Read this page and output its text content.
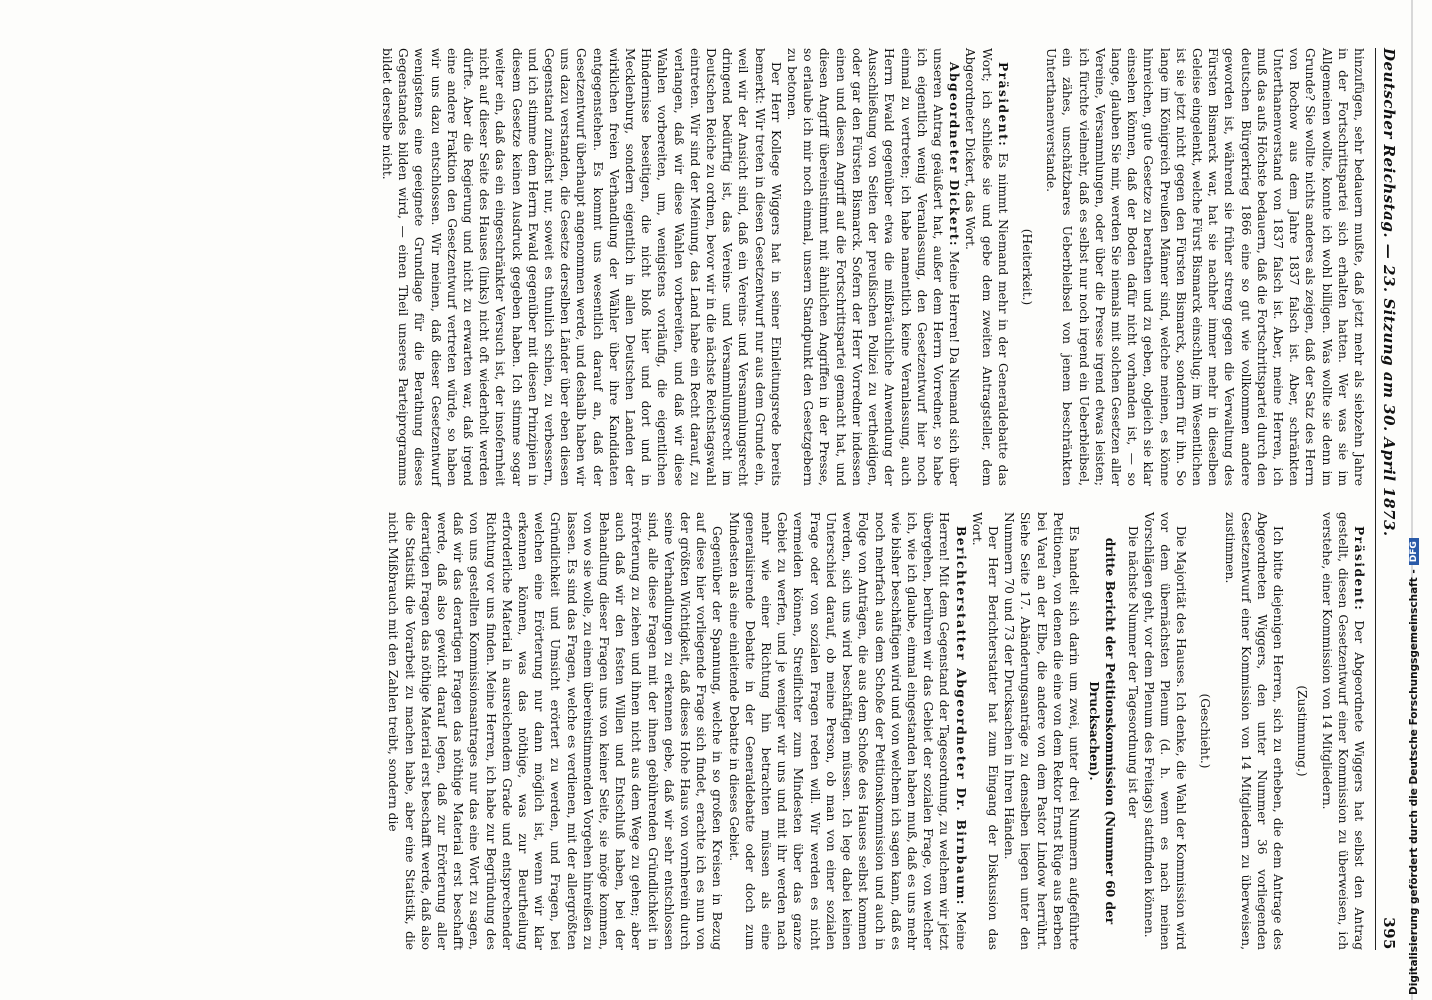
Deutscher Reichstag. — 23. Sitzung am 30. April 1873.
395

hinzufügen, sehr bedauern mußte, daß jetzt mehr als siebzehn Jahre in der Fortschrittspartei sich erhalten hatten. Wer was sie im Allgemeinen wollte, konnte ich wohl billigen. Was wollte sie denn im Grunde? Sie wollte nichts anderes als zeigen, daß der Satz des Herrn von Rochow aus dem Jahre 1837 falsch ist. Aber, schränkten Unterthanenverstand von 1837 falsch ist. Aber, meine Herren, ich muß das aufs Höchste bedauern, daß die Fortschrittspartei durch den deutschen Bürgerkrieg 1866 eine so gut wie vollkommen andere geworden ist, während sie früher streng gegen die Verwaltung des Fürsten Bismarck war, hat sie nachher immer mehr in dieselben Geleise eingelenkt, welche Fürst Bismarck einschlug; im Wesentlichen ist sie jetzt nicht gegen den Fürsten Bismarck, sondern für ihn. So lange im Königreich Preußen Männer sind, welche meinen, es könne hinreichen, gute Gesetze zu berathen und zu geben, obgleich sie klar einsehen können, daß der Boden dafür nicht vorhanden ist, — so lange, glauben Sie mir, werden Sie niemals mit solchen Gesetzen aller Vereine, Versammlungen, oder über die Presse irgend etwas leisten; ich fürchte vielmehr, daß es selbst nur noch irgend ein Ueberbleibsel, ein zähes, unschätzbares Ueberbleibsel von jenem beschränkten Unterthanenverstande.

(Heiterkeit.)

Präsident: Es nimmt Niemand mehr in der Generaldebatte das Wort; ich schließe sie und gebe dem zweiten Antragsteller, dem Abgeordneter Dickert, das Wort.

Abgeordneter Dickert: Meine Herren! Da Niemand sich über unseren Antrag geäußert hat, außer dem Herrn Vorredner, so habe ich eigentlich wenig Veranlassung, den Gesetzentwurf hier noch einmal zu vertreten; ich habe namentlich keine Veranlassung, auch Herrn Ewald gegenüber etwa die mißbräuchliche Anwendung der Ausschließung von Seiten der preußischen Polizei zu vertheidigen, oder gar den Fürsten Bismarck. Sofern der Herr Vorredner indessen einen und diesen Angriff auf die Fortschrittspartei gemacht hat, und diesen Angriff übereinstimmt mit ähnlichen Angriffen in der Presse, so erlaube ich mir noch einmal, unsern Standpunkt den Gesetzgebern zu betonen.

Der Herr Kollege Wiggers hat in seiner Einleitungsrede bereits bemerkt: Wir treten in diesen Gesetzentwurf nur aus dem Grunde ein, weil wir der Ansicht sind, daß ein Vereins- und Versammlungsrecht dringend bedürftig ist, das Vereins- und Versammlungsrecht im Deutschen Reiche zu ordnen, bevor wir in die nächste Reichstagswahl eintreten. Wir sind der Meinung, das Land habe ein Recht darauf, zu verlangen, daß wir diese Wahlen vorbereiten, und daß wir diese Wahlen vorbereiten, um, wenigstens vorläufig, die eigentlichen Hindernisse beseitigen, die nicht bloß hier und dort und in Mecklenburg, sondern eigentlich in allen Deutschen Landen der wirklichen freien Verhandlung der Wähler über ihre Kandidaten entgegenstehen. Es kommt uns wesentlich darauf an, daß der Gesetzentwurf überhaupt angenommen werde, und deshalb haben wir uns dazu verstanden, die Gesetze derselben Länder über eben diesen Gegenstand zunächst nur, soweit es thunlich schien, zu verbessern, und ich stimme dem Herrn Ewald gegenüber mit diesen Prinzipien in diesem Gesetze keinen Ausdruck gegeben haben. Ich stimme sogar weiter ein, daß das ein eingeschränkter Versuch ist, der insofernheit nicht auf dieser Seite des Hauses (links) nicht oft wiederholt werden dürfte. Aber die Regierung und nicht zu erwarten war, daß irgend eine andere Fraktion den Gesetzentwurf vertreten würde, so haben wir uns dazu entschlossen. Wir meinen, daß dieser Gesetzentwurf wenigstens eine geeignete Grundlage für die Berathung dieses Gegenstandes bilden wird, — einen Theil unseres Parteiprogramms bildet derselbe nicht.

Präsident: Der Abgeordnete Wiggers hat selbst den Antrag gestellt, diesen Gesetzentwurf einer Kommission zu überweisen, ich verstehe, einer Kommission von 14 Mitgliedern.

(Zustimmung.)

Ich bitte diejenigen Herren, sich zu erheben, die dem Antrage des Abgeordneten Wiggers, den unter Nummer 36 vorliegenden Gesetzentwurf einer Kommission von 14 Mitgliedern zu überweisen, zustimmen.

(Geschieht.)

Die Majorität des Hauses. Ich denke, die Wahl der Kommission wird vor dem übernächsten Plenum (d. h. wenn es nach meinen Vorschlägen geht, vor dem Plenum des Freitags) stattfinden können.

Die nächste Nummer der Tagesordnung ist der

dritte Bericht der Petitionskommission (Nummer 60 der Drucksachen).

Es handelt sich darin um zwei, unter drei Nummern aufgeführte Petitionen, von denen die eine von dem Rektor Ernst Rüge aus Berben bei Varel an der Elbe, die andere von dem Pastor Lindow herrührt. Siehe Seite 17. Abänderungsanträge zu denselben liegen unter den Nummern 70 und 73 der Drucksachen in Ihren Händen.

Der Herr Berichterstatter hat zum Eingang der Diskussion das Wort.

Berichterstatter Abgeordneter Dr. Birnbaum: Meine Herren! Mit dem Gegenstand der Tagesordnung, zu welchem wir jetzt übergehen, berühren wir das Gebiet der sozialen Frage, von welcher ich, wie ich glaube, einmal eingestanden haben muß, daß es uns mehr wie bisher beschäftigen wird und von welchem ich sagen kann, daß es noch mehrfach aus dem Schoße der Petitionskommission und auch in Folge von Anträgen, die aus dem Schoße des Hauses selbst kommen werden, sich uns wird beschäftigen müssen. Ich lege dabei keinen Unterschied darauf, ob meine Person, ob man von einer sozialen Frage oder von sozialen Fragen reden will. Wir werden es nicht vermeiden können, Streiflichter zum Mindesten über das ganze Gebiet zu werfen, und je weniger wir uns und mit ihr werden nach mehr wie einer Richtung hin betrachten müssen als eine generalisirende Debatte in der Generaldebatte oder doch zum Mindesten als eine einleitende Debatte in dieses Gebiet.

Gegenüber der Spannung, welche in so großen Kreisen in Bezug auf diese hier vorliegende Frage sich findet, erachte ich es nun von der größten Wichtigkeit, daß dieses Hohe Haus von vornherein durch seine Verhandlungen zu erkennen gebe, daß wir sehr entschlossen sind, alle diese Fragen mit der ihnen gebührenden Gründlichkeit in Erörterung zu ziehen und ihnen nicht aus dem Wege zu gehen; aber auch daß wir den festen Willen und Entschluß haben, bei der Behandlung dieser Fragen uns von keiner Seite, sie möge kommen, von wo sie wolle, zu einem übereinstimmenden Vorgehen hinreißen zu lassen. Es sind das Fragen, welche es verdienen, mit der allergrößten Gründlichkeit und Umsicht erörtert zu werden, und Fragen, bei welchen eine Erörterung nur dann möglich ist, wenn wir klar erkennen können, was das nöthige, was zur Beurtheilung erforderliche Material in ausreichendem Grade und entsprechender Richtung vor uns finden. Meine Herren, ich habe zur Begründung des von uns gestellten Kommissionsantrages nur das eine Wort zu sagen, daß wir das derartigen Fragen das nöthige Material erst beschafft werde, daß also gewicht darauf legen, daß zur Erörterung aller derartigen Fragen das nöthige Material erst beschafft werde, daß also die Statistik die Vorarbeit zu machen habe, aber eine Statistik, die nicht Mißbrauch mit den Zahlen treibt, sondern die	Digitalisierung gefördert durch die Deutsche Forschungsgemeinschaft -
DFG
